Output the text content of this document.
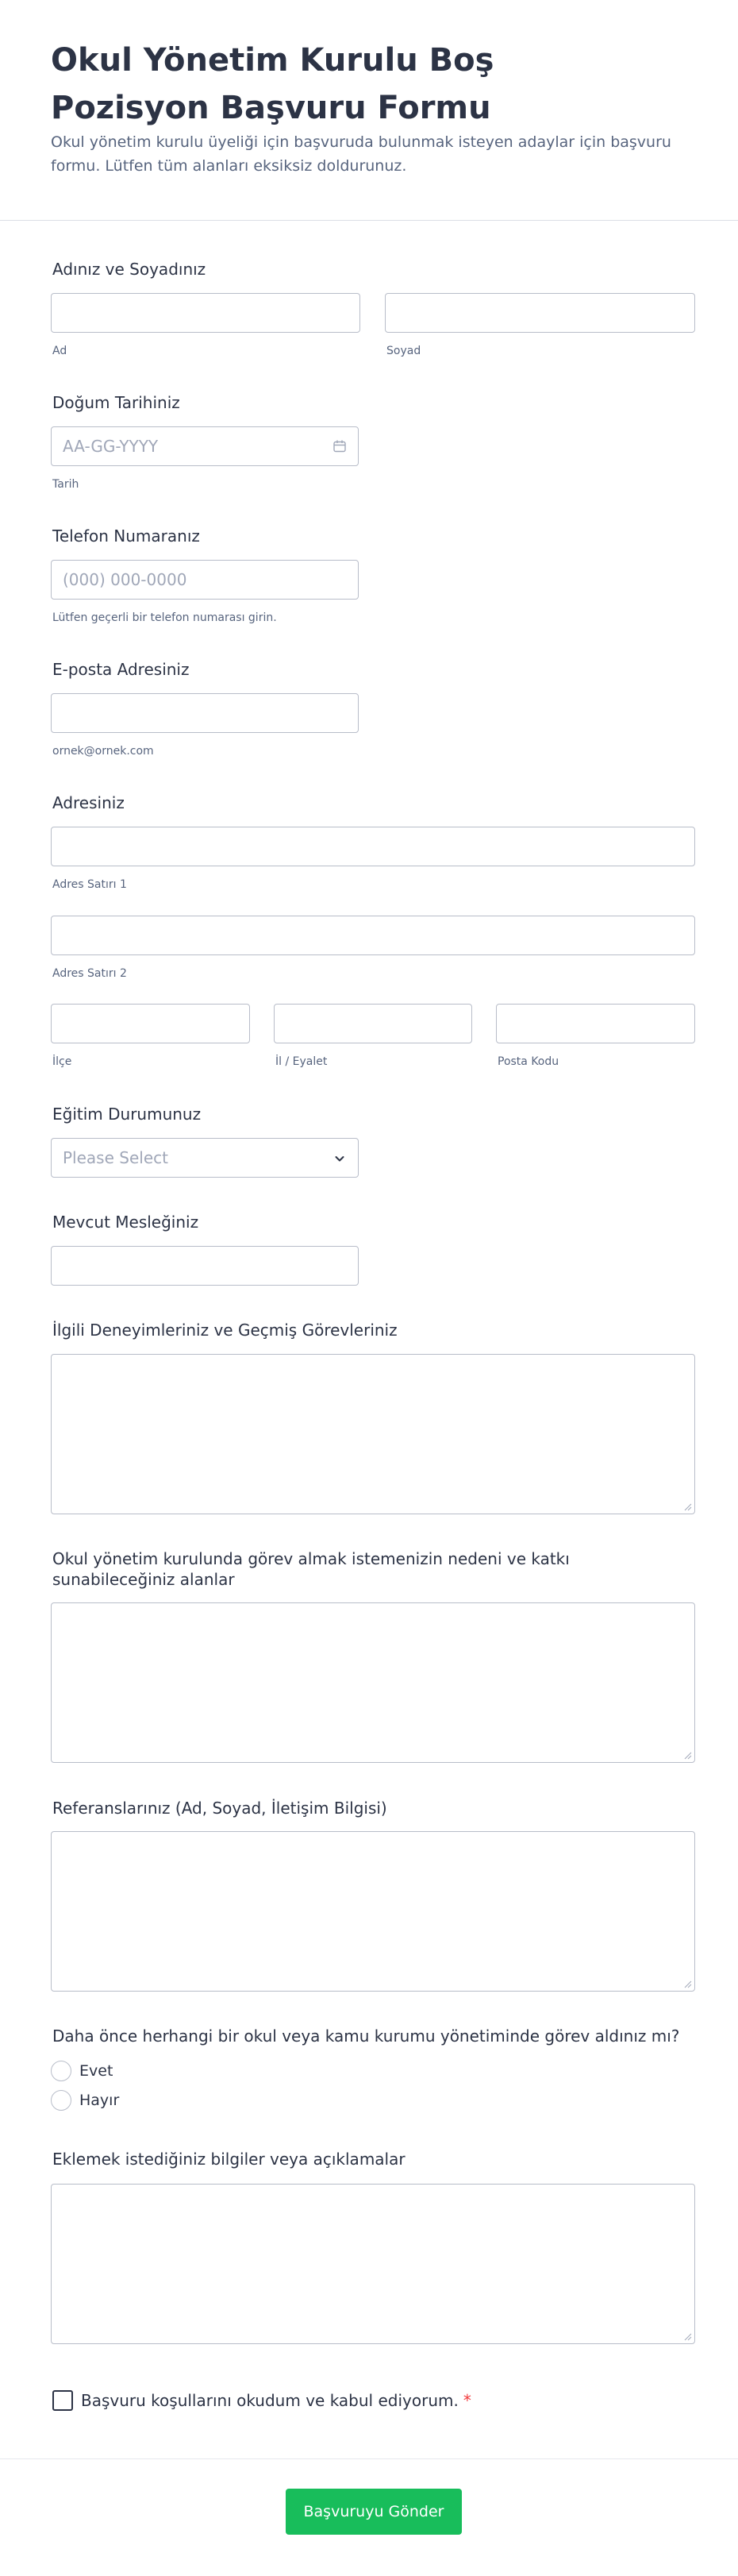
Okul Yönetim Kurulu Boş Pozisyon Başvuru Formu

Okul yönetim kurulu üyeliği için başvuruda bulunmak isteyen adaylar için başvuru formu. Lütfen tüm alanları eksiksiz doldurunuz.

Adınız ve Soyadınız
Ad	Soyad
Doğum Tarihiniz
AA-GG-YYYY
Tarih
Telefon Numaranız
(000) 000-0000
Lütfen geçerli bir telefon numarası girin.
E-posta Adresiniz
ornek@ornek.com
Adresiniz
Adres Satırı 1
Adres Satırı 2
İlçe	İl / Eyalet	Posta Kodu
Eğitim Durumunuz
Please Select
Mevcut Mesleğiniz
İlgili Deneyimleriniz ve Geçmiş Görevleriniz
Okul yönetim kurulunda görev almak istemenizin nedeni ve katkı sunabileceğiniz alanlar
Referanslarınız (Ad, Soyad, İletişim Bilgisi)
Daha önce herhangi bir okul veya kamu kurumu yönetiminde görev aldınız mı?
Evet
Hayır
Eklemek istediğiniz bilgiler veya açıklamalar
Başvuru koşullarını okudum ve kabul ediyorum. *
Başvuruyu Gönder
